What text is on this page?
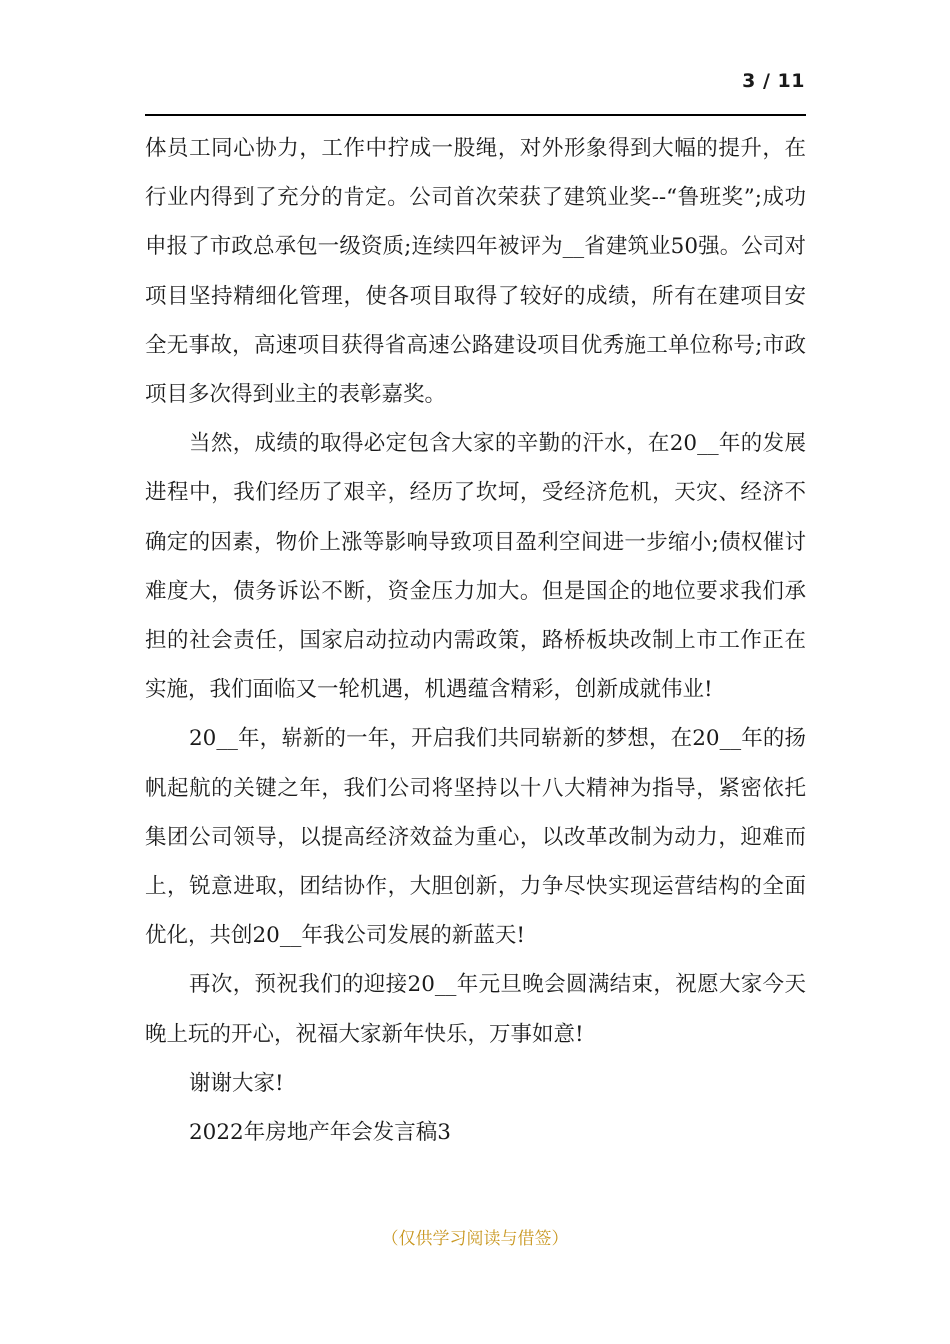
3 / 11

体员工同心协力，工作中拧成一股绳，对外形象得到大幅的提升，在行业内得到了充分的肯定。公司首次荣获了建筑业奖--“鲁班奖”;成功申报了市政总承包一级资质;连续四年被评为__省建筑业50强。公司对项目坚持精细化管理，使各项目取得了较好的成绩，所有在建项目安全无事故，高速项目获得省高速公路建设项目优秀施工单位称号;市政项目多次得到业主的表彰嘉奖。

当然，成绩的取得必定包含大家的辛勤的汗水，在20__年的发展进程中，我们经历了艰辛，经历了坎坷，受经济危机，天灾、经济不确定的因素，物价上涨等影响导致项目盈利空间进一步缩小;债权催讨难度大，债务诉讼不断，资金压力加大。但是国企的地位要求我们承担的社会责任，国家启动拉动内需政策，路桥板块改制上市工作正在实施，我们面临又一轮机遇，机遇蕴含精彩，创新成就伟业!

20__年，崭新的一年，开启我们共同崭新的梦想，在20__年的扬帆起航的关键之年，我们公司将坚持以十八大精神为指导，紧密依托集团公司领导，以提高经济效益为重心，以改革改制为动力，迎难而上，锐意进取，团结协作，大胆创新，力争尽快实现运营结构的全面优化，共创20__年我公司发展的新蓝天!

再次，预祝我们的迎接20__年元旦晚会圆满结束，祝愿大家今天晚上玩的开心，祝福大家新年快乐，万事如意!

谢谢大家!

2022年房地产年会发言稿3

（仅供学习阅读与借签）
